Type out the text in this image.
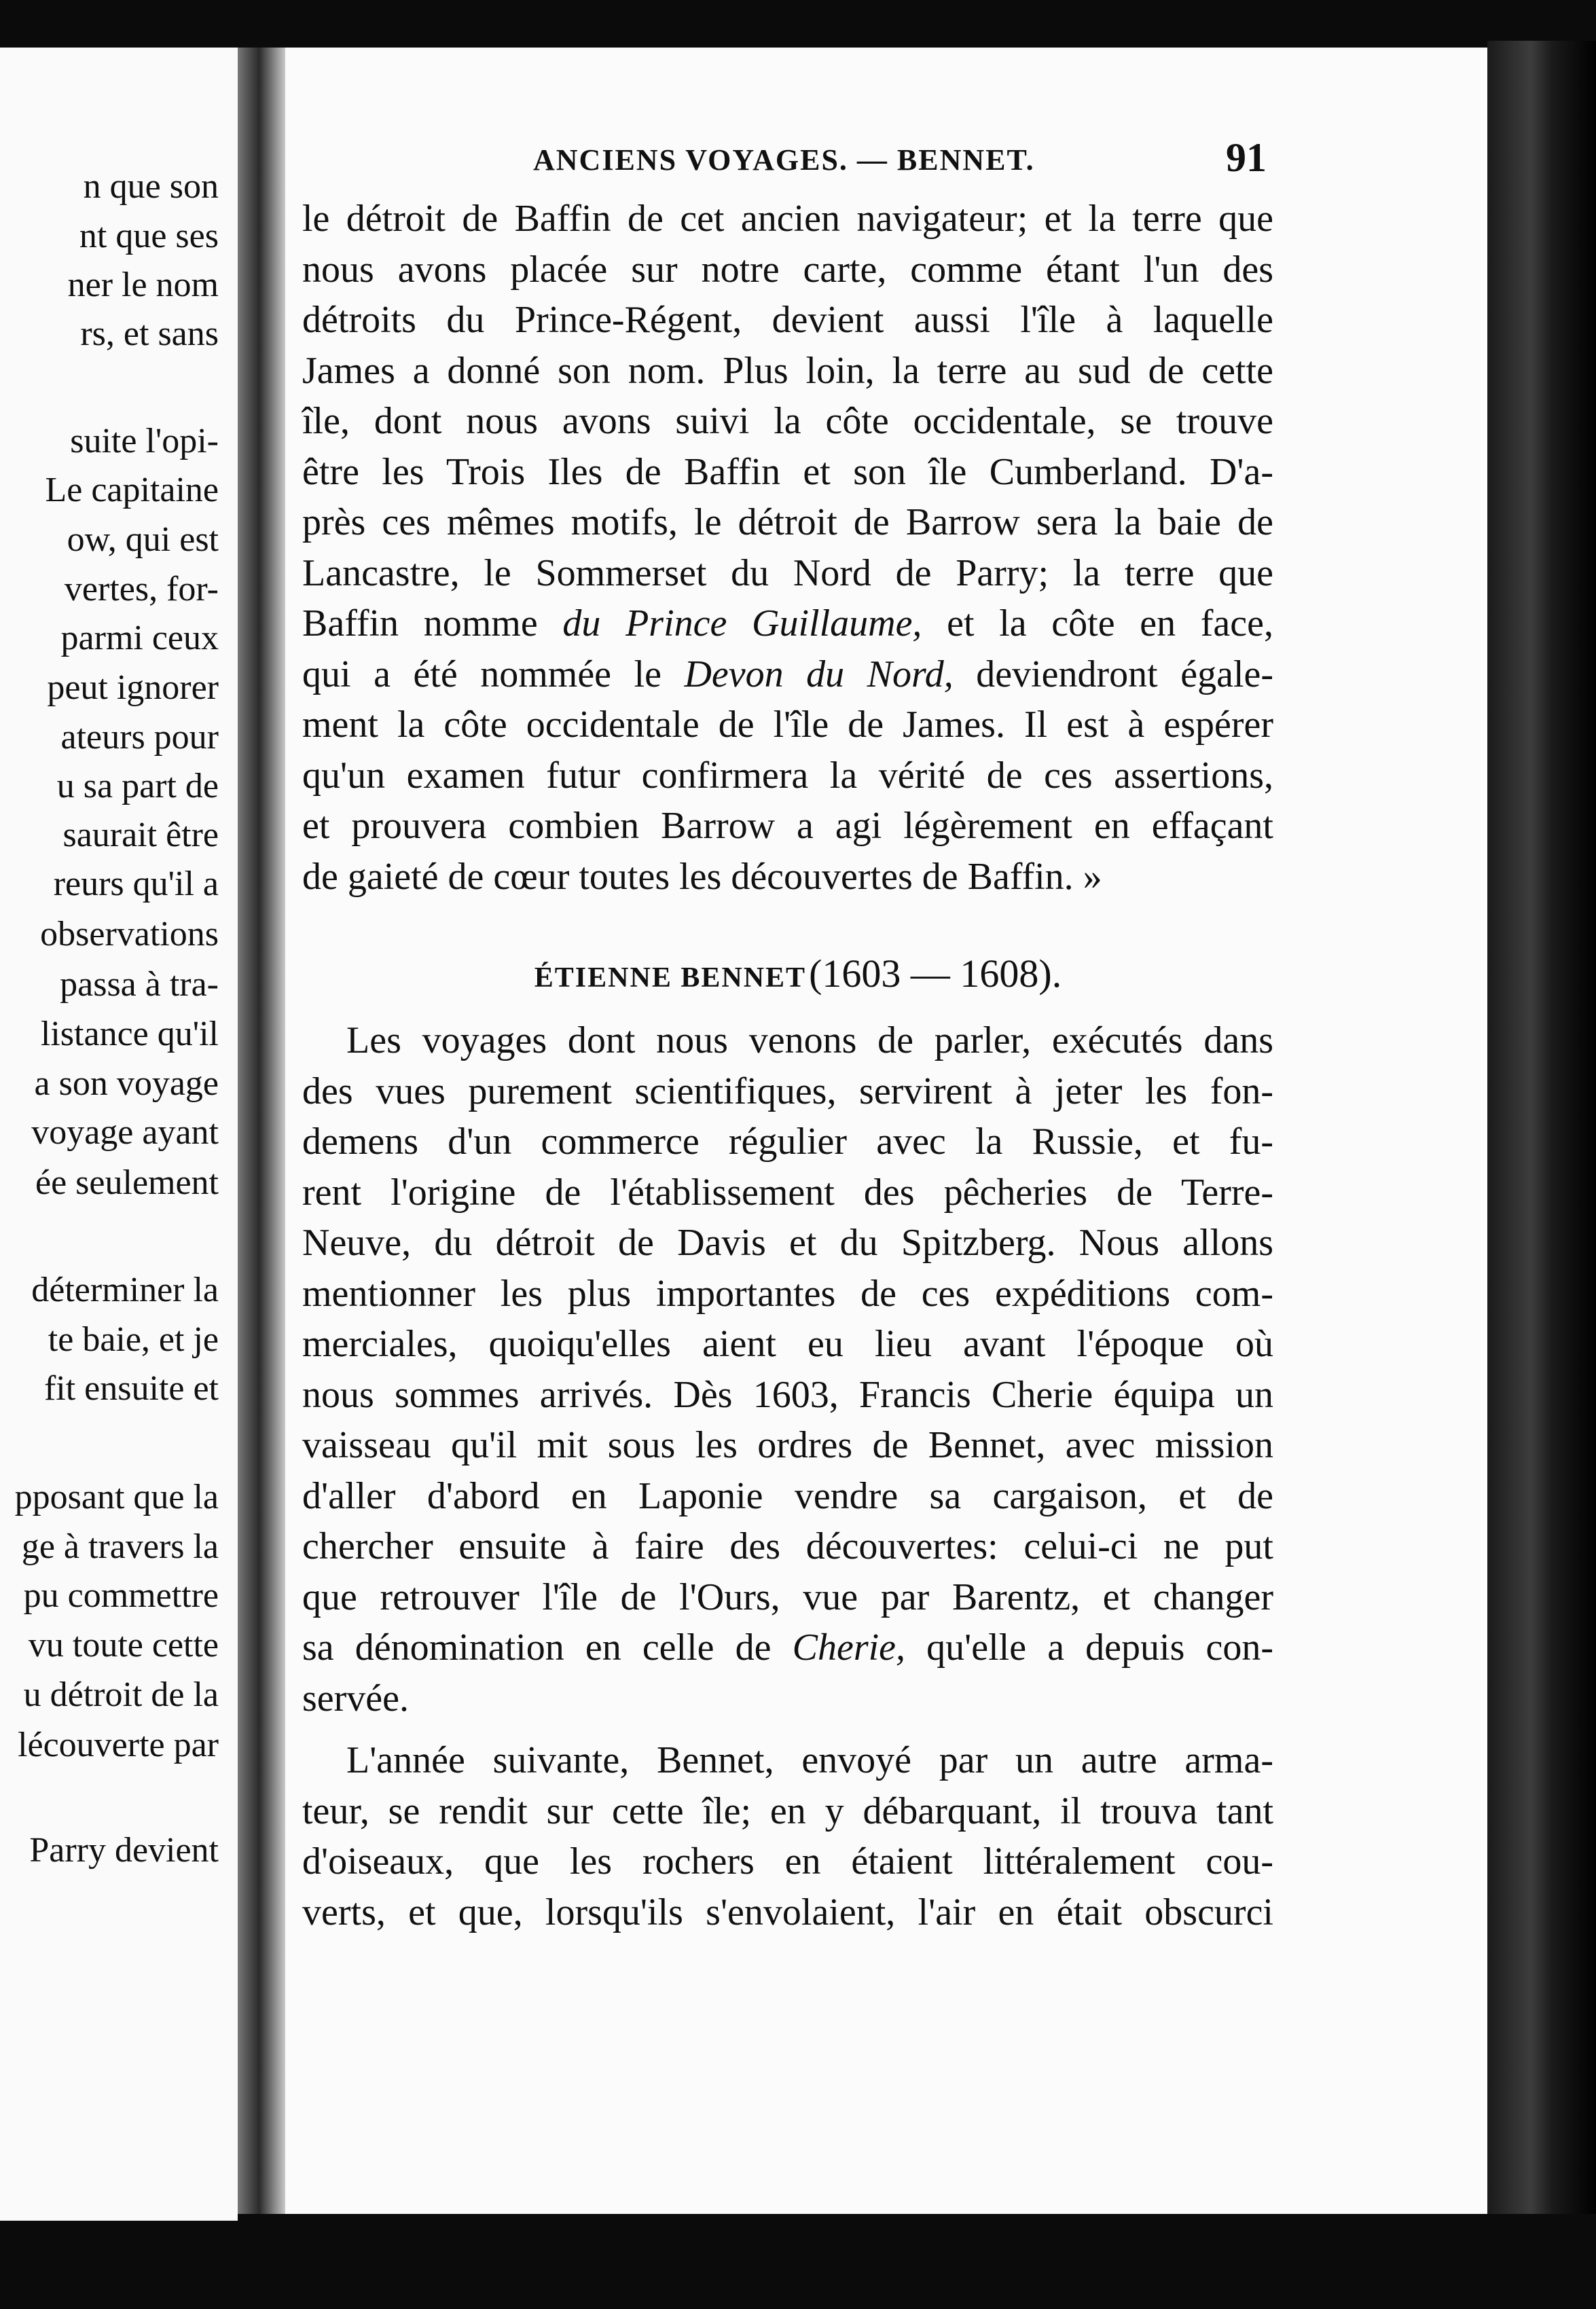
n que son
nt que ses
ner le nom
rs, et sans
suite l'opi-
Le capitaine
ow, qui est
vertes, for-
parmi ceux
peut ignorer
ateurs pour
u sa part de
saurait être
reurs qu'il a
observations
passa à tra-
listance qu'il
a son voyage
voyage ayant
ée seulement
déterminer la
te baie, et je
fit ensuite et
pposant que la
ge à travers la
pu commettre
vu toute cette
u détroit de la
lécouverte par
Parry devient
ANCIENS VOYAGES. — BENNET.	91
le détroit de Baffin de cet ancien navigateur; et la terre que
nous avons placée sur notre carte, comme étant l'un des
détroits du Prince-Régent, devient aussi l'île à laquelle
James a donné son nom. Plus loin, la terre au sud de cette
île, dont nous avons suivi la côte occidentale, se trouve
être les Trois Iles de Baffin et son île Cumberland. D'a-
près ces mêmes motifs, le détroit de Barrow sera la baie de
Lancastre, le Sommerset du Nord de Parry; la terre que
Baffin nomme du Prince Guillaume, et la côte en face,
qui a été nommée le Devon du Nord, deviendront égale-
ment la côte occidentale de l'île de James. Il est à espérer
qu'un examen futur confirmera la vérité de ces assertions,
et prouvera combien Barrow a agi légèrement en effaçant
de gaieté de cœur toutes les découvertes de Baffin. »
Les voyages dont nous venons de parler, exécutés dans
des vues purement scientifiques, servirent à jeter les fon-
demens d'un commerce régulier avec la Russie, et fu-
rent l'origine de l'établissement des pêcheries de Terre-
Neuve, du détroit de Davis et du Spitzberg. Nous allons
mentionner les plus importantes de ces expéditions com-
merciales, quoiqu'elles aient eu lieu avant l'époque où
nous sommes arrivés. Dès 1603, Francis Cherie équipa un
vaisseau qu'il mit sous les ordres de Bennet, avec mission
d'aller d'abord en Laponie vendre sa cargaison, et de
chercher ensuite à faire des découvertes: celui-ci ne put
que retrouver l'île de l'Ours, vue par Barentz, et changer
sa dénomination en celle de Cherie, qu'elle a depuis con-
servée.
L'année suivante, Bennet, envoyé par un autre arma-
teur, se rendit sur cette île; en y débarquant, il trouva tant
d'oiseaux, que les rochers en étaient littéralement cou-
verts, et que, lorsqu'ils s'envolaient, l'air en était obscurci
ÉTIENNE BENNET (1603 — 1608).
